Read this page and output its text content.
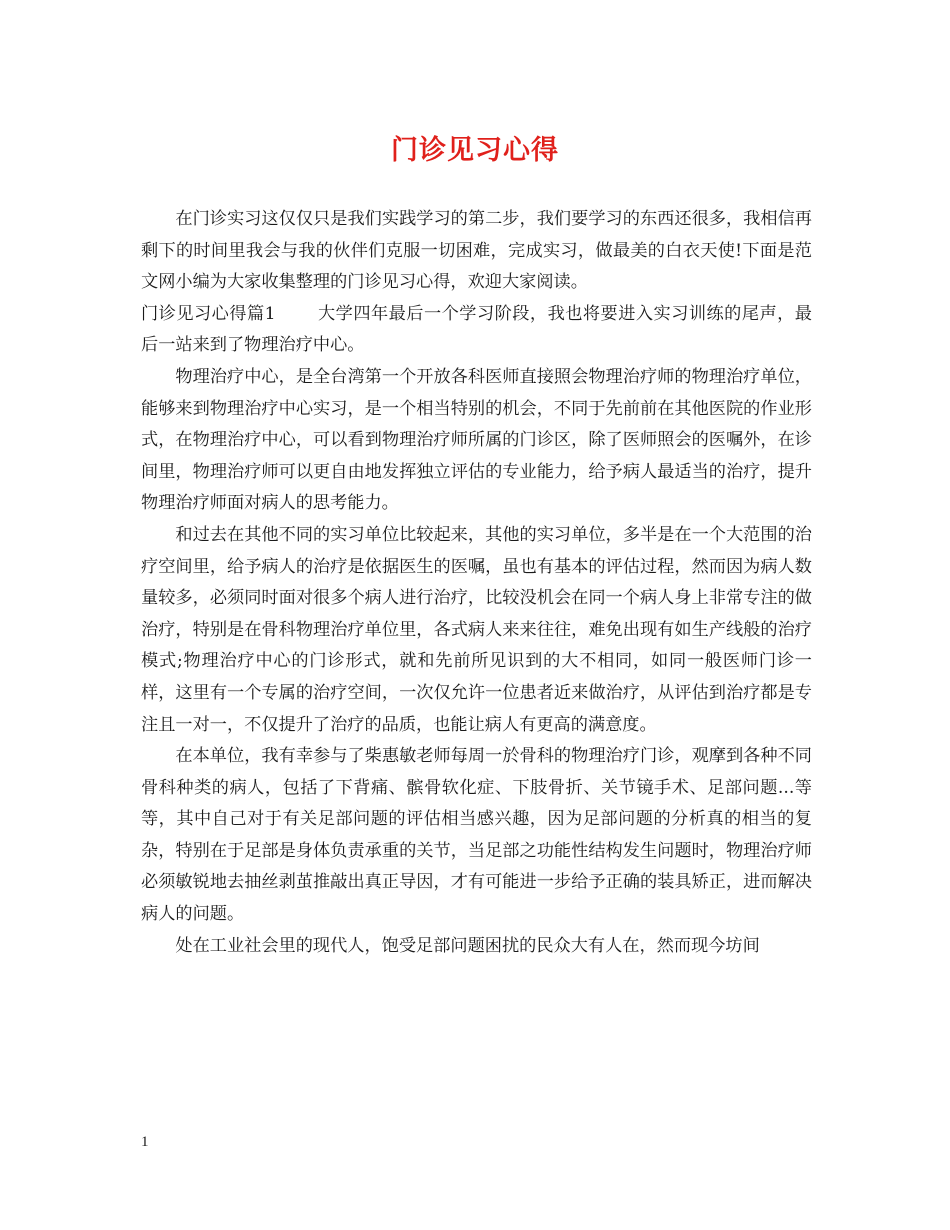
门诊见习心得

在门诊实习这仅仅只是我们实践学习的第二步，我们要学习的东西还很多，我相信再剩下的时间里我会与我的伙伴们克服一切困难，完成实习，做最美的白衣天使!下面是范文网小编为大家收集整理的门诊见习心得，欢迎大家阅读。

门诊见习心得篇1 大学四年最后一个学习阶段，我也将要进入实习训练的尾声，最后一站来到了物理治疗中心。

物理治疗中心，是全台湾第一个开放各科医师直接照会物理治疗师的物理治疗单位，能够来到物理治疗中心实习，是一个相当特别的机会，不同于先前前在其他医院的作业形式，在物理治疗中心，可以看到物理治疗师所属的门诊区，除了医师照会的医嘱外，在诊间里，物理治疗师可以更自由地发挥独立评估的专业能力，给予病人最适当的治疗，提升物理治疗师面对病人的思考能力。

和过去在其他不同的实习单位比较起来，其他的实习单位，多半是在一个大范围的治疗空间里，给予病人的治疗是依据医生的医嘱，虽也有基本的评估过程，然而因为病人数量较多，必须同时面对很多个病人进行治疗，比较没机会在同一个病人身上非常专注的做治疗，特别是在骨科物理治疗单位里，各式病人来来往往，难免出现有如生产线般的治疗模式;物理治疗中心的门诊形式，就和先前所见识到的大不相同，如同一般医师门诊一样，这里有一个专属的治疗空间，一次仅允许一位患者近来做治疗，从评估到治疗都是专注且一对一，不仅提升了治疗的品质，也能让病人有更高的满意度。

在本单位，我有幸参与了柴惠敏老师每周一於骨科的物理治疗门诊，观摩到各种不同骨科种类的病人，包括了下背痛、髌骨软化症、下肢骨折、关节镜手术、足部问题...等等，其中自己对于有关足部问题的评估相当感兴趣，因为足部问题的分析真的相当的复杂，特别在于足部是身体负责承重的关节，当足部之功能性结构发生问题时，物理治疗师必须敏锐地去抽丝剥茧推敲出真正导因，才有可能进一步给予正确的装具矫正，进而解决病人的问题。

处在工业社会里的现代人，饱受足部问题困扰的民众大有人在，然而现今坊间

1
